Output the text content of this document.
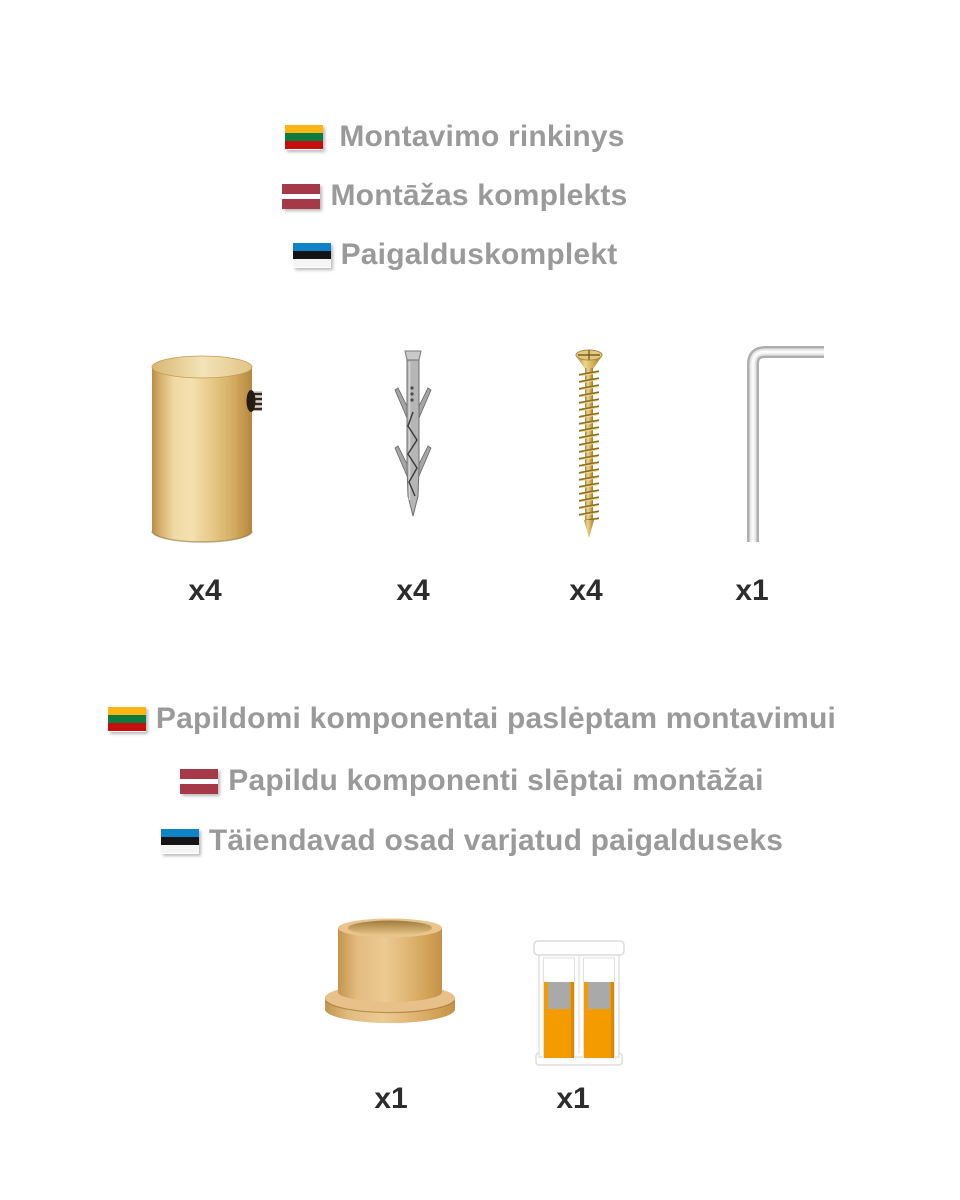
Montavimo rinkinys
Montāžas komplekts
Paigalduskomplekt
x4	x4	x4	x1
Papildomi komponentai paslėptam montavimui
Papildu komponenti slēptai montāžai
Täiendavad osad varjatud paigalduseks
x1	x1
